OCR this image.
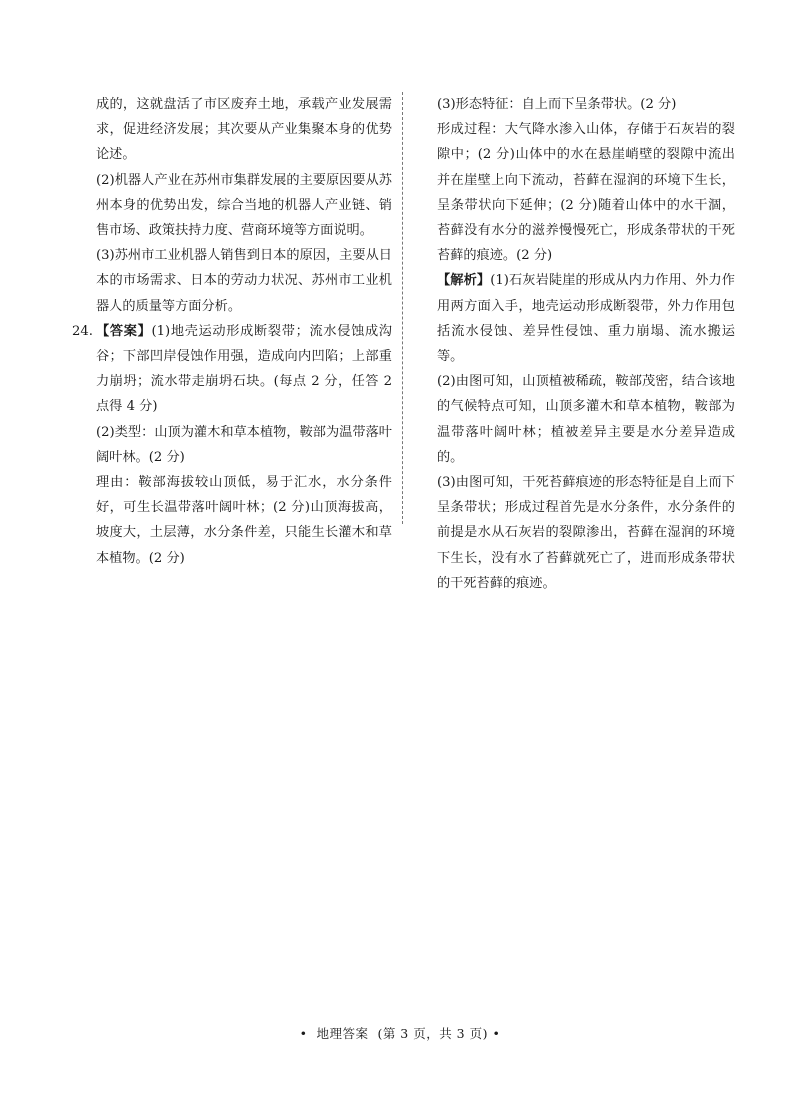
成的，这就盘活了市区废弃土地，承载产业发展需求，促进经济发展；其次要从产业集聚本身的优势论述。

(2)机器人产业在苏州市集群发展的主要原因要从苏州本身的优势出发，综合当地的机器人产业链、销售市场、政策扶持力度、营商环境等方面说明。

(3)苏州市工业机器人销售到日本的原因，主要从日本的市场需求、日本的劳动力状况、苏州市工业机器人的质量等方面分析。

24. 【答案】(1)地壳运动形成断裂带；流水侵蚀成沟谷；下部凹岸侵蚀作用强，造成向内凹陷；上部重力崩坍；流水带走崩坍石块。(每点 2 分，任答 2 点得 4 分)

(2)类型：山顶为灌木和草本植物，鞍部为温带落叶阔叶林。(2 分)

理由：鞍部海拔较山顶低，易于汇水，水分条件好，可生长温带落叶阔叶林；(2 分)山顶海拔高，坡度大，土层薄，水分条件差，只能生长灌木和草本植物。(2 分)

(3)形态特征：自上而下呈条带状。(2 分)

形成过程：大气降水渗入山体，存储于石灰岩的裂隙中；(2 分)山体中的水在悬崖峭壁的裂隙中流出并在崖壁上向下流动，苔藓在湿润的环境下生长，呈条带状向下延伸；(2 分)随着山体中的水干涸，苔藓没有水分的滋养慢慢死亡，形成条带状的干死苔藓的痕迹。(2 分)

【解析】(1)石灰岩陡崖的形成从内力作用、外力作用两方面入手，地壳运动形成断裂带，外力作用包括流水侵蚀、差异性侵蚀、重力崩塌、流水搬运等。

(2)由图可知，山顶植被稀疏，鞍部茂密，结合该地的气候特点可知，山顶多灌木和草本植物，鞍部为温带落叶阔叶林；植被差异主要是水分差异造成的。

(3)由图可知，干死苔藓痕迹的形态特征是自上而下呈条带状；形成过程首先是水分条件，水分条件的前提是水从石灰岩的裂隙渗出，苔藓在湿润的环境下生长，没有水了苔藓就死亡了，进而形成条带状的干死苔藓的痕迹。

• 地理答案 (第 3 页，共 3 页) •
